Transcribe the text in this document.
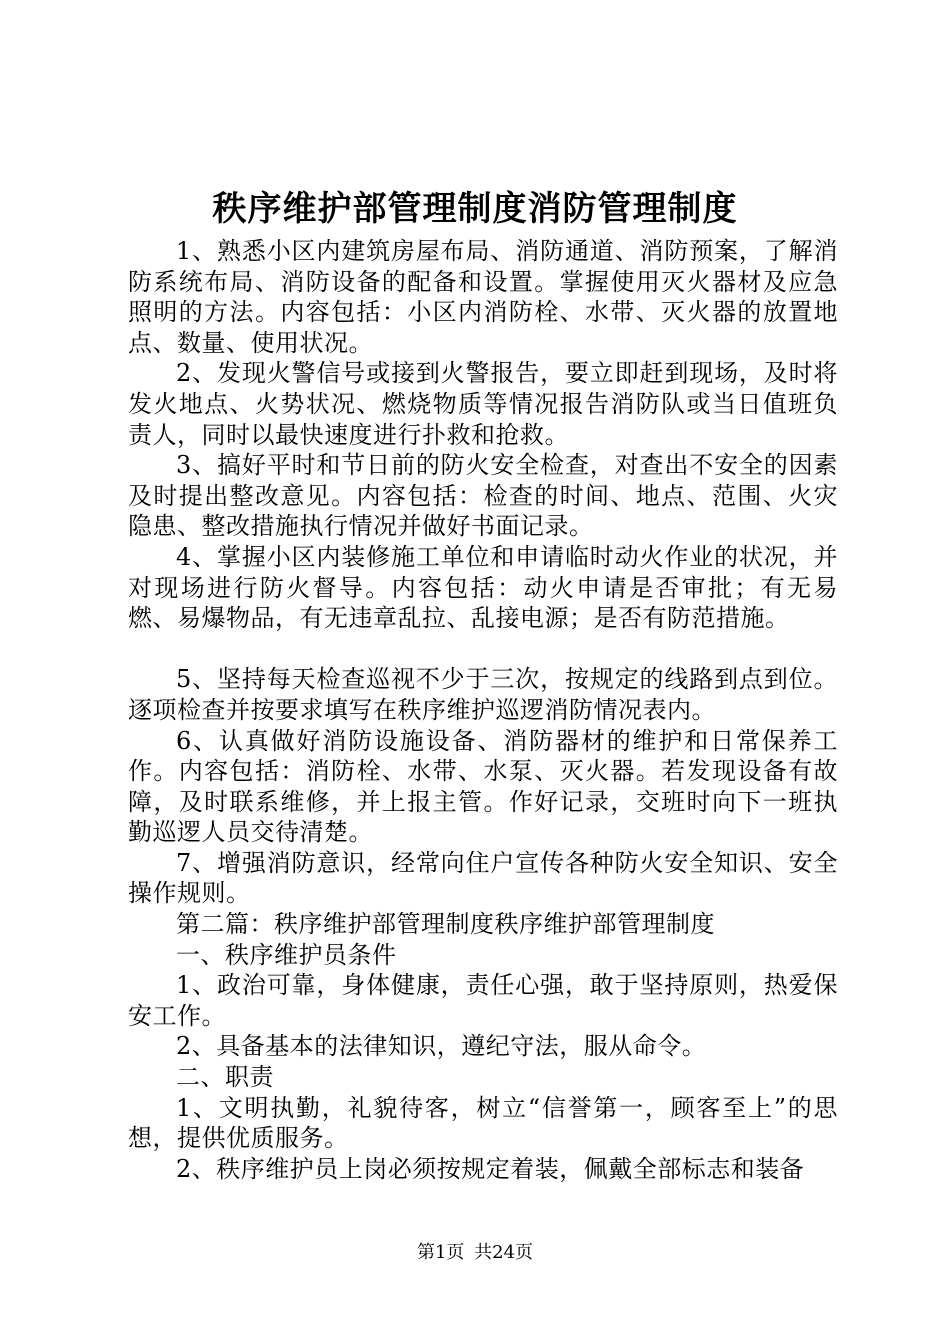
秩序维护部管理制度消防管理制度

1、熟悉小区内建筑房屋布局、消防通道、消防预案，了解消防系统布局、消防设备的配备和设置。掌握使用灭火器材及应急照明的方法。内容包括：小区内消防栓、水带、灭火器的放置地点、数量、使用状况。

2、发现火警信号或接到火警报告，要立即赶到现场，及时将发火地点、火势状况、燃烧物质等情况报告消防队或当日值班负责人，同时以最快速度进行扑救和抢救。

3、搞好平时和节日前的防火安全检查，对查出不安全的因素及时提出整改意见。内容包括：检查的时间、地点、范围、火灾隐患、整改措施执行情况并做好书面记录。

4、掌握小区内装修施工单位和申请临时动火作业的状况，并对现场进行防火督导。内容包括：动火申请是否审批；有无易燃、易爆物品，有无违章乱拉、乱接电源；是否有防范措施。

5、坚持每天检查巡视不少于三次，按规定的线路到点到位。逐项检查并按要求填写在秩序维护巡逻消防情况表内。

6、认真做好消防设施设备、消防器材的维护和日常保养工作。内容包括：消防栓、水带、水泵、灭火器。若发现设备有故障，及时联系维修，并上报主管。作好记录，交班时向下一班执勤巡逻人员交待清楚。

7、增强消防意识，经常向住户宣传各种防火安全知识、安全操作规则。

第二篇：秩序维护部管理制度秩序维护部管理制度

一、秩序维护员条件

1、政治可靠，身体健康，责任心强，敢于坚持原则，热爱保安工作。

2、具备基本的法律知识，遵纪守法，服从命令。

二、职责

1、文明执勤，礼貌待客，树立“信誉第一，顾客至上”的思想，提供优质服务。

2、秩序维护员上岗必须按规定着装，佩戴全部标志和装备

第1页 共24页
